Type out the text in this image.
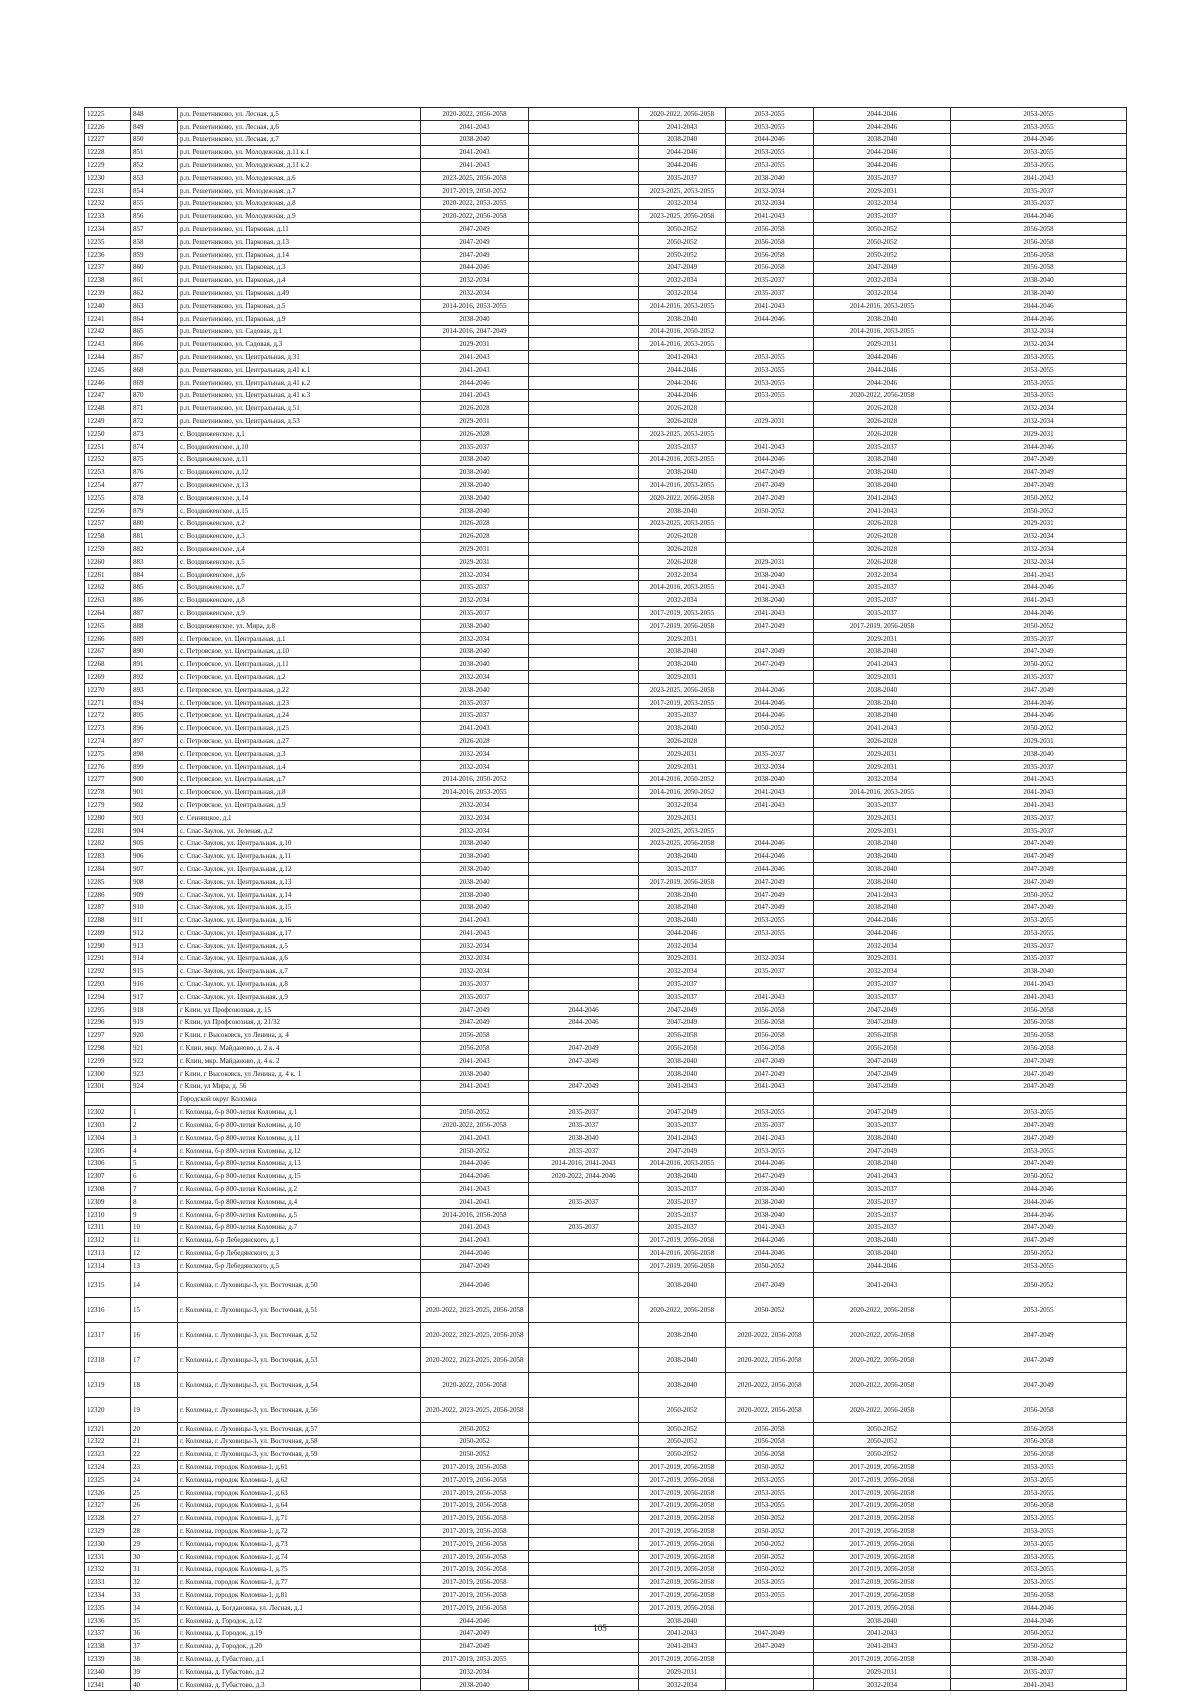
12225	848	р.п. Решетниково, ул. Лесная, д.5	2020-2022, 2056-2058		2020-2022, 2056-2058	2053-2055	2044-2046	2053-2055
12226	849	р.п. Решетниково, ул. Лесная, д.6	2041-2043		2041-2043	2053-2055	2044-2046	2053-2055
12227	850	р.п. Решетниково, ул. Лесная, д.7	2038-2040		2038-2040	2044-2046	2038-2040	2044-2046
12228	851	р.п. Решетниково, ул. Молодежная, д.11 к.1	2041-2043		2044-2046	2053-2055	2044-2046	2053-2055
12229	852	р.п. Решетниково, ул. Молодежная, д.11 к.2	2041-2043		2044-2046	2053-2055	2044-2046	2053-2055
12230	853	р.п. Решетниково, ул. Молодежная, д.6	2023-2025, 2056-2058		2035-2037	2038-2040	2035-2037	2041-2043
12231	854	р.п. Решетниково, ул. Молодежная, д.7	2017-2019, 2050-2052		2023-2025, 2053-2055	2032-2034	2029-2031	2035-2037
12232	855	р.п. Решетниково, ул. Молодежная, д.8	2020-2022, 2053-2055		2032-2034	2032-2034	2032-2034	2035-2037
12233	856	р.п. Решетниково, ул. Молодежная, д.9	2020-2022, 2056-2058		2023-2025, 2056-2058	2041-2043	2035-2037	2044-2046
12234	857	р.п. Решетниково, ул. Парковая, д.11	2047-2049		2050-2052	2056-2058	2050-2052	2056-2058
12235	858	р.п. Решетниково, ул. Парковая, д.13	2047-2049		2050-2052	2056-2058	2050-2052	2056-2058
12236	859	р.п. Решетниково, ул. Парковая, д.14	2047-2049		2050-2052	2056-2058	2050-2052	2056-2058
12237	860	р.п. Решетниково, ул. Парковая, д.3	2044-2046		2047-2049	2056-2058	2047-2049	2056-2058
12238	861	р.п. Решетниково, ул. Парковая, д.4	2032-2034		2032-2034	2035-2037	2032-2034	2038-2040
12239	862	р.п. Решетниково, ул. Парковая, д.49	2032-2034		2032-2034	2035-2037	2032-2034	2038-2040
12240	863	р.п. Решетниково, ул. Парковая, д.5	2014-2016, 2053-2055		2014-2016, 2053-2055	2041-2043	2014-2016, 2053-2055	2044-2046
12241	864	р.п. Решетниково, ул. Парковая, д.9	2038-2040		2038-2040	2044-2046	2038-2040	2044-2046
12242	865	р.п. Решетниково, ул. Садовая, д.1	2014-2016, 2047-2049		2014-2016, 2050-2052		2014-2016, 2053-2055	2032-2034
12243	866	р.п. Решетниково, ул. Садовая, д.3	2029-2031		2014-2016, 2053-2055		2029-2031	2032-2034
12244	867	р.п. Решетниково, ул. Центральная, д.31	2041-2043		2041-2043	2053-2055	2044-2046	2053-2055
12245	868	р.п. Решетниково, ул. Центральная, д.41 к.1	2041-2043		2044-2046	2053-2055	2044-2046	2053-2055
12246	869	р.п. Решетниково, ул. Центральная, д.41 к.2	2044-2046		2044-2046	2053-2055	2044-2046	2053-2055
12247	870	р.п. Решетниково, ул. Центральная, д.41 к.3	2041-2043		2044-2046	2053-2055	2020-2022, 2056-2058	2053-2055
12248	871	р.п. Решетниково, ул. Центральная, д.51	2026-2028		2026-2028		2026-2028	2032-2034
12249	872	р.п. Решетниково, ул. Центральная, д.53	2029-2031		2026-2028	2029-2031	2026-2028	2032-2034
12250	873	с. Воздвиженское, д.1	2026-2028		2023-2025, 2053-2055		2026-2028	2029-2031
12251	874	с. Воздвиженское, д.10	2035-2037		2035-2037	2041-2043	2035-2037	2044-2046
12252	875	с. Воздвиженское, д.11	2038-2040		2014-2016, 2053-2055	2044-2046	2038-2040	2047-2049
12253	876	с. Воздвиженское, д.12	2038-2040		2038-2040	2047-2049	2038-2040	2047-2049
12254	877	с. Воздвиженское, д.13	2038-2040		2014-2016, 2053-2055	2047-2049	2038-2040	2047-2049
12255	878	с. Воздвиженское, д.14	2038-2040		2020-2022, 2056-2058	2047-2049	2041-2043	2050-2052
12256	879	с. Воздвиженское, д.15	2038-2040		2038-2040	2050-2052	2041-2043	2050-2052
12257	880	с. Воздвиженское, д.2	2026-2028		2023-2025, 2053-2055		2026-2028	2029-2031
12258	881	с. Воздвиженское, д.3	2026-2028		2026-2028		2026-2028	2032-2034
12259	882	с. Воздвиженское, д.4	2029-2031		2026-2028		2026-2028	2032-2034
12260	883	с. Воздвиженское, д.5	2029-2031		2026-2028	2029-2031	2026-2028	2032-2034
12261	884	с. Воздвиженское, д.6	2032-2034		2032-2034	2038-2040	2032-2034	2041-2043
12262	885	с. Воздвиженское, д.7	2035-2037		2014-2016, 2053-2055	2041-2043	2035-2037	2044-2046
12263	886	с. Воздвиженское, д.8	2032-2034		2032-2034	2038-2040	2035-2037	2041-2043
12264	887	с. Воздвиженское, д.9	2035-2037		2017-2019, 2053-2055	2041-2043	2035-2037	2044-2046
12265	888	с. Воздвиженское, ул. Мира, д.8	2038-2040		2017-2019, 2056-2058	2047-2049	2017-2019, 2056-2058	2050-2052
12266	889	с. Петровское, ул. Центральная, д.1	2032-2034		2029-2031		2029-2031	2035-2037
12267	890	с. Петровское, ул. Центральная, д.10	2038-2040		2038-2040	2047-2049	2038-2040	2047-2049
12268	891	с. Петровское, ул. Центральная, д.11	2038-2040		2038-2040	2047-2049	2041-2043	2050-2052
12269	892	с. Петровское, ул. Центральная, д.2	2032-2034		2029-2031		2029-2031	2035-2037
12270	893	с. Петровское, ул. Центральная, д.22	2038-2040		2023-2025, 2056-2058	2044-2046	2038-2040	2047-2049
12271	894	с. Петровское, ул. Центральная, д.23	2035-2037		2017-2019, 2053-2055	2044-2046	2038-2040	2044-2046
12272	895	с. Петровское, ул. Центральная, д.24	2035-2037		2035-2037	2044-2046	2038-2040	2044-2046
12273	896	с. Петровское, ул. Центральная, д.25	2041-2043		2038-2040	2050-2052	2041-2043	2050-2052
12274	897	с. Петровское, ул. Центральная, д.27	2026-2028		2026-2028		2026-2028	2029-2031
12275	898	с. Петровское, ул. Центральная, д.3	2032-2034		2029-2031	2035-2037	2029-2031	2038-2040
12276	899	с. Петровское, ул. Центральная, д.4	2032-2034		2029-2031	2032-2034	2029-2031	2035-2037
12277	900	с. Петровское, ул. Центральная, д.7	2014-2016, 2050-2052		2014-2016, 2050-2052	2038-2040	2032-2034	2041-2043
12278	901	с. Петровское, ул. Центральная, д.8	2014-2016, 2053-2055		2014-2016, 2050-2052	2041-2043	2014-2016, 2053-2055	2041-2043
12279	902	с. Петровское, ул. Центральная, д.9	2032-2034		2032-2034	2041-2043	2035-2037	2041-2043
12280	903	с. Сенницкое, д.1	2032-2034		2029-2031		2029-2031	2035-2037
12281	904	с. Спас-Заулок, ул. Зеленая, д.2	2032-2034		2023-2025, 2053-2055		2029-2031	2035-2037
12282	905	с. Спас-Заулок, ул. Центральная, д.10	2038-2040		2023-2025, 2056-2058	2044-2046	2038-2040	2047-2049
12283	906	с. Спас-Заулок, ул. Центральная, д.11	2038-2040		2038-2040	2044-2046	2038-2040	2047-2049
12284	907	с. Спас-Заулок, ул. Центральная, д.12	2038-2040		2035-2037	2044-2046	2038-2040	2047-2049
12285	908	с. Спас-Заулок, ул. Центральная, д.13	2038-2040		2017-2019, 2056-2058	2047-2049	2038-2040	2047-2049
12286	909	с. Спас-Заулок, ул. Центральная, д.14	2038-2040		2038-2040	2047-2049	2041-2043	2050-2052
12287	910	с. Спас-Заулок, ул. Центральная, д.15	2038-2040		2038-2040	2047-2049	2038-2040	2047-2049
12288	911	с. Спас-Заулок, ул. Центральная, д.16	2041-2043		2038-2040	2053-2055	2044-2046	2053-2055
12289	912	с. Спас-Заулок, ул. Центральная, д.17	2041-2043		2044-2046	2053-2055	2044-2046	2053-2055
12290	913	с. Спас-Заулок, ул. Центральная, д.5	2032-2034		2032-2034		2032-2034	2035-2037
12291	914	с. Спас-Заулок, ул. Центральная, д.6	2032-2034		2029-2031	2032-2034	2029-2031	2035-2037
12292	915	с. Спас-Заулок, ул. Центральная, д.7	2032-2034		2032-2034	2035-2037	2032-2034	2038-2040
12293	916	с. Спас-Заулок, ул. Центральная, д.8	2035-2037		2035-2037		2035-2037	2041-2043
12294	917	с. Спас-Заулок, ул. Центральная, д.9	2035-2037		2035-2037	2041-2043	2035-2037	2041-2043
12295	918	г Клин, ул Профсоюзная, д. 15	2047-2049	2044-2046	2047-2049	2056-2058	2047-2049	2056-2058
12296	919	г Клин, ул Профсоюзная, д. 21/32	2047-2049	2044-2046	2047-2049	2056-2058	2047-2049	2056-2058
12297	920	г Клин, г Высоковск, ул Ленина, д. 4	2056-2058		2056-2058	2056-2058	2056-2058	2056-2058
12298	921	г. Клин, мкр. Майданово, д. 2 к. 4	2056-2058	2047-2049	2056-2058	2056-2058	2056-2058	2056-2058
12299	922	г. Клин, мкр. Майданово, д. 4 к. 2	2041-2043	2047-2049	2038-2040	2047-2049	2047-2049	2047-2049
12300	923	г Клин, г Высоковск, ул Ленина, д. 4 к. 1	2038-2040		2038-2040	2047-2049	2047-2049	2047-2049
12301	924	г Клин, ул Мира, д. 56	2041-2043	2047-2049	2041-2043	2041-2043	2047-2049	2047-2049
		Городской округ Коломна						
12302	1	г. Коломна, б-р 800-летия Коломны, д.1	2050-2052	2035-2037	2047-2049	2053-2055	2047-2049	2053-2055
12303	2	г. Коломна, б-р 800-летия Коломны, д.10	2020-2022, 2056-2058	2035-2037	2035-2037	2035-2037	2035-2037	2047-2049
12304	3	г. Коломна, б-р 800-летия Коломны, д.11	2041-2043	2038-2040	2041-2043	2041-2043	2038-2040	2047-2049
12305	4	г. Коломна, б-р 800-летия Коломны, д.12	2050-2052	2035-2037	2047-2049	2053-2055	2047-2049	2053-2055
12306	5	г. Коломна, б-р 800-летия Коломны, д.13	2044-2046	2014-2016, 2041-2043	2014-2016, 2053-2055	2044-2046	2038-2040	2047-2049
12307	6	г. Коломна, б-р 800-летия Коломны, д.15	2044-2046	2020-2022, 2044-2046	2038-2040	2047-2049	2041-2043	2050-2052
12308	7	г. Коломна, б-р 800-летия Коломны, д.2	2041-2043		2035-2037	2038-2040	2035-2037	2044-2046
12309	8	г. Коломна, б-р 800-летия Коломны, д.4	2041-2043	2035-2037	2035-2037	2038-2040	2035-2037	2044-2046
12310	9	г. Коломна, б-р 800-летия Коломны, д.5	2014-2016, 2056-2058		2035-2037	2038-2040	2035-2037	2044-2046
12311	10	г. Коломна, б-р 800-летия Коломны, д.7	2041-2043	2035-2037	2035-2037	2041-2043	2035-2037	2047-2049
12312	11	г. Коломна, б-р Лебедянского, д.1	2041-2043		2017-2019, 2056-2058	2044-2046	2038-2040	2047-2049
12313	12	г. Коломна, б-р Лебедянского, д.3	2044-2046		2014-2016, 2056-2058	2044-2046	2038-2040	2050-2052
12314	13	г. Коломна, б-р Лебедянского, д.5	2047-2049		2017-2019, 2056-2058	2050-2052	2044-2046	2053-2055
12315	14	г. Коломна, г. Луховицы-3, ул. Восточная, д.50	2044-2046		2038-2040	2047-2049	2041-2043	2050-2052
12316	15	г. Коломна, г. Луховицы-3, ул. Восточная, д.51	2020-2022, 2023-2025, 2056-2058		2020-2022, 2056-2058	2050-2052	2020-2022, 2056-2058	2053-2055
12317	16	г. Коломна, г. Луховицы-3, ул. Восточная, д.52	2020-2022, 2023-2025, 2056-2058		2038-2040	2020-2022, 2056-2058	2020-2022, 2056-2058	2047-2049
12318	17	г. Коломна, г. Луховицы-3, ул. Восточная, д.53	2020-2022, 2023-2025, 2056-2058		2038-2040	2020-2022, 2056-2058	2020-2022, 2056-2058	2047-2049
12319	18	г. Коломна, г. Луховицы-3, ул. Восточная, д.54	2020-2022, 2056-2058		2038-2040	2020-2022, 2056-2058	2020-2022, 2056-2058	2047-2049
12320	19	г. Коломна, г. Луховицы-3, ул. Восточная, д.56	2020-2022, 2023-2025, 2056-2058		2050-2052	2020-2022, 2056-2058	2020-2022, 2056-2058	2056-2058
12321	20	г. Коломна, г. Луховицы-3, ул. Восточная, д.57	2050-2052		2050-2052	2056-2058	2050-2052	2056-2058
12322	21	г. Коломна, г. Луховицы-3, ул. Восточная, д.58	2050-2052		2050-2052	2056-2058	2050-2052	2056-2058
12323	22	г. Коломна, г. Луховицы-3, ул. Восточная, д.59	2050-2052		2050-2052	2056-2058	2050-2052	2056-2058
12324	23	г. Коломна, городок Коломна-1, д.61	2017-2019, 2056-2058		2017-2019, 2056-2058	2050-2052	2017-2019, 2056-2058	2053-2055
12325	24	г. Коломна, городок Коломна-1, д.62	2017-2019, 2056-2058		2017-2019, 2056-2058	2053-2055	2017-2019, 2056-2058	2053-2055
12326	25	г. Коломна, городок Коломна-1, д.63	2017-2019, 2056-2058		2017-2019, 2056-2058	2053-2055	2017-2019, 2056-2058	2053-2055
12327	26	г. Коломна, городок Коломна-1, д.64	2017-2019, 2056-2058		2017-2019, 2056-2058	2053-2055	2017-2019, 2056-2058	2056-2058
12328	27	г. Коломна, городок Коломна-1, д.71	2017-2019, 2056-2058		2017-2019, 2056-2058	2050-2052	2017-2019, 2056-2058	2053-2055
12329	28	г. Коломна, городок Коломна-1, д.72	2017-2019, 2056-2058		2017-2019, 2056-2058	2050-2052	2017-2019, 2056-2058	2053-2055
12330	29	г. Коломна, городок Коломна-1, д.73	2017-2019, 2056-2058		2017-2019, 2056-2058	2050-2052	2017-2019, 2056-2058	2053-2055
12331	30	г. Коломна, городок Коломна-1, д.74	2017-2019, 2056-2058		2017-2019, 2056-2058	2050-2052	2017-2019, 2056-2058	2053-2055
12332	31	г. Коломна, городок Коломна-1, д.75	2017-2019, 2056-2058		2017-2019, 2056-2058	2050-2052	2017-2019, 2056-2058	2053-2055
12333	32	г. Коломна, городок Коломна-1, д.77	2017-2019, 2056-2058		2017-2019, 2056-2058	2053-2055	2017-2019, 2056-2058	2053-2055
12334	33	г. Коломна, городок Коломна-1, д.81	2017-2019, 2056-2058		2017-2019, 2056-2058	2053-2055	2017-2019, 2056-2058	2056-2058
12335	34	г. Коломна, д. Богдановка, ул. Лесная, д.1	2017-2019, 2056-2058		2017-2019, 2056-2058		2017-2019, 2056-2058	2044-2046
12336	35	г. Коломна, д. Городок, д.12	2044-2046		2038-2040		2038-2040	2044-2046
12337	36	г. Коломна, д. Городок, д.19	2047-2049		2041-2043	2047-2049	2041-2043	2050-2052
12338	37	г. Коломна, д. Городок, д.20	2047-2049		2041-2043	2047-2049	2041-2043	2050-2052
12339	38	г. Коломна, д. Губастово, д.1	2017-2019, 2053-2055		2017-2019, 2056-2058		2017-2019, 2056-2058	2038-2040
12340	39	г. Коломна, д. Губастово, д.2	2032-2034		2029-2031		2029-2031	2035-2037
12341	40	г. Коломна, д. Губастово, д.3	2038-2040		2032-2034		2032-2034	2041-2043
105
